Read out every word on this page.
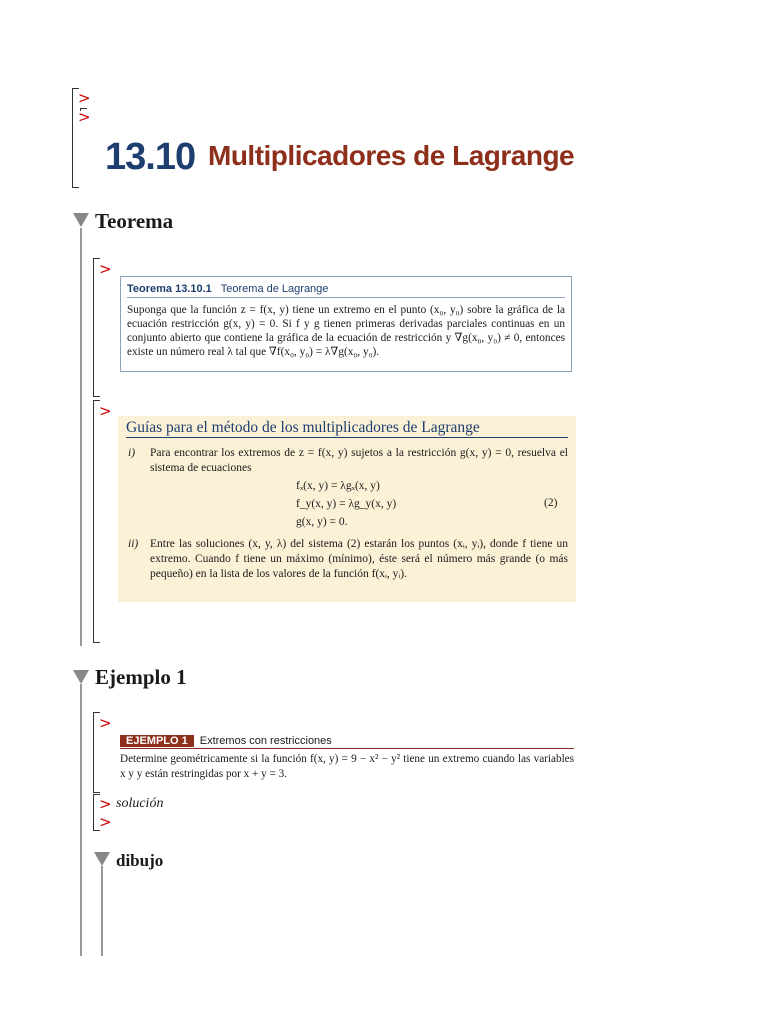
>
>
13.10 Multiplicadores de Lagrange
Teorema
>
Teorema 13.10.1 Teorema de Lagrange
Suponga que la función z = f(x, y) tiene un extremo en el punto (x₀, y₀) sobre la gráfica de la ecuación restricción g(x, y) = 0. Si f y g tienen primeras derivadas parciales continuas en un conjunto abierto que contiene la gráfica de la ecuación de restricción y ∇g(x₀, y₀) ≠ 0, entonces existe un número real λ tal que ∇f(x₀, y₀) = λ∇g(x₀, y₀).
>
Guías para el método de los multiplicadores de Lagrange
i) Para encontrar los extremos de z = f(x, y) sujetos a la restricción g(x, y) = 0, resuelva el sistema de ecuaciones
fₓ(x, y) = λgₓ(x, y)
f_y(x, y) = λg_y(x, y)
g(x, y) = 0.
(2)
ii) Entre las soluciones (x, y, λ) del sistema (2) estarán los puntos (xᵢ, yᵢ), donde f tiene un extremo. Cuando f tiene un máximo (mínimo), éste será el número más grande (o más pequeño) en la lista de los valores de la función f(xᵢ, yᵢ).
Ejemplo 1
>
EJEMPLO 1 Extremos con restricciones
Determine geométricamente si la función f(x, y) = 9 − x² − y² tiene un extremo cuando las variables x y y están restringidas por x + y = 3.
> solución
>
dibujo
